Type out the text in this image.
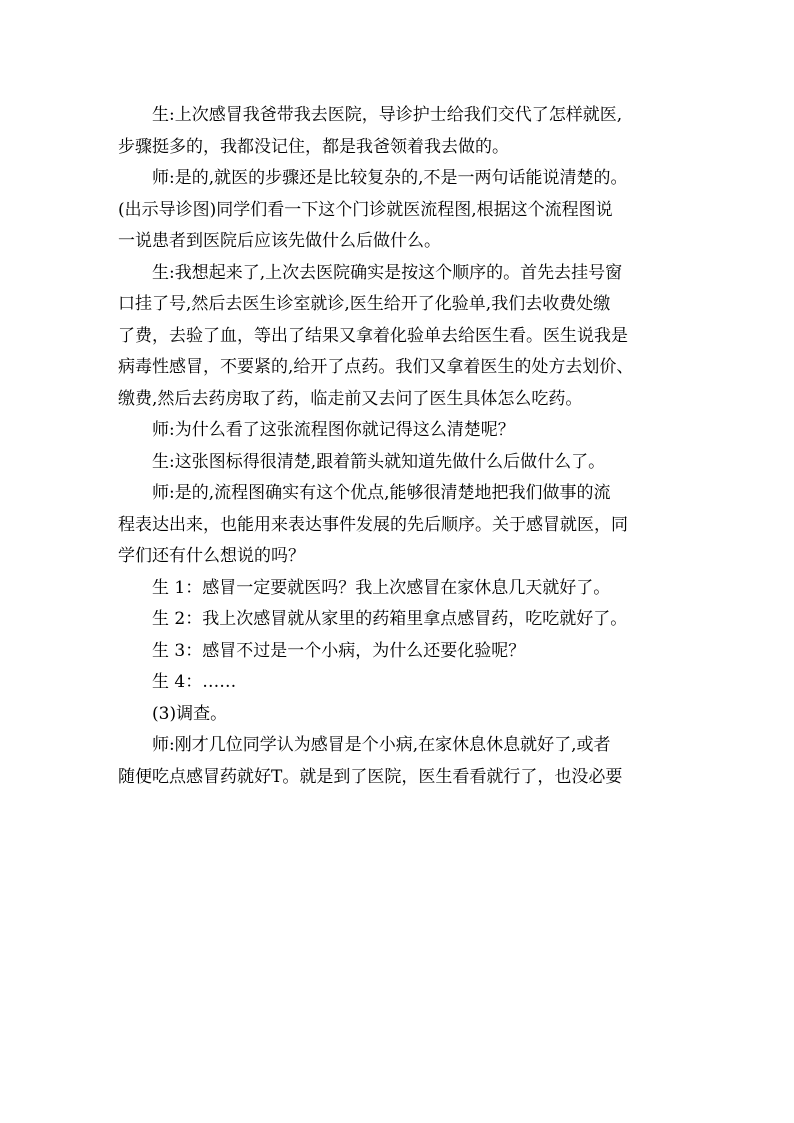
生:上次感冒我爸带我去医院，导诊护士给我们交代了怎样就医,
步骤挺多的，我都没记住，都是我爸领着我去做的。

师:是的,就医的步骤还是比较复杂的,不是一两句话能说清楚的。
(出示导诊图)同学们看一下这个门诊就医流程图,根据这个流程图说
一说患者到医院后应该先做什么后做什么。

生:我想起来了,上次去医院确实是按这个顺序的。首先去挂号窗
口挂了号,然后去医生诊室就诊,医生给开了化验单,我们去收费处缴
了费，去验了血，等出了结果又拿着化验单去给医生看。医生说我是
病毒性感冒，不要紧的,给开了点药。我们又拿着医生的处方去划价、
缴费,然后去药房取了药，临走前又去问了医生具体怎么吃药。

师:为什么看了这张流程图你就记得这么清楚呢？

生:这张图标得很清楚,跟着箭头就知道先做什么后做什么了。

师:是的,流程图确实有这个优点,能够很清楚地把我们做事的流
程表达出来，也能用来表达事件发展的先后顺序。关于感冒就医，同
学们还有什么想说的吗？

生 1：感冒一定要就医吗？我上次感冒在家休息几天就好了。

生 2：我上次感冒就从家里的药箱里拿点感冒药，吃吃就好了。

生 3：感冒不过是一个小病，为什么还要化验呢？

生 4：……

(3)调查。

师:刚才几位同学认为感冒是个小病,在家休息休息就好了,或者
随便吃点感冒药就好T。就是到了医院，医生看看就行了，也没必要
